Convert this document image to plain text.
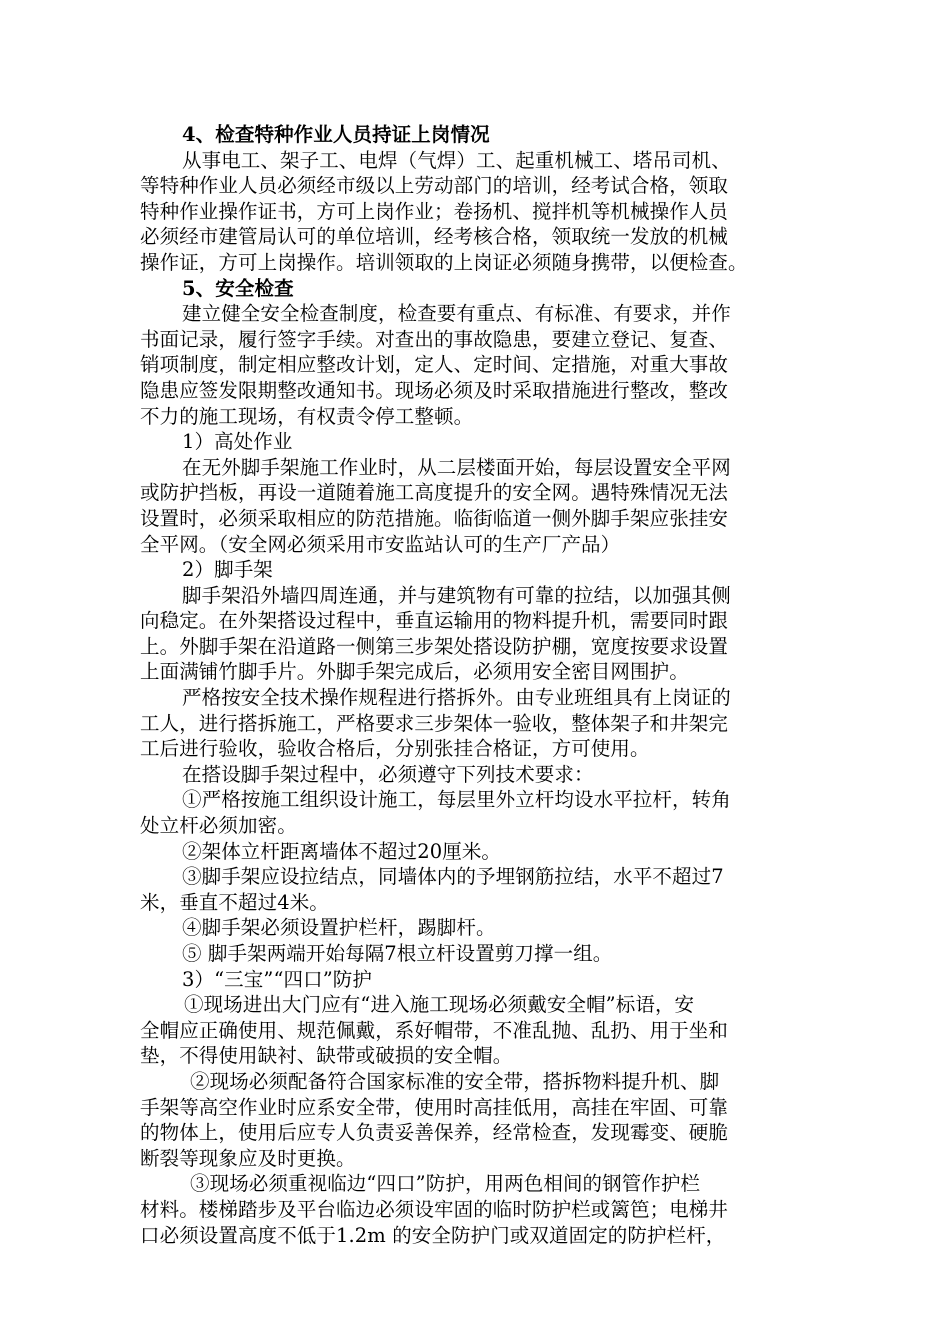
4、检查特种作业人员持证上岗情况
从事电工、架子工、电焊（气焊）工、起重机械工、塔吊司机、
等特种作业人员必须经市级以上劳动部门的培训，经考试合格，领取
特种作业操作证书，方可上岗作业；卷扬机、搅拌机等机械操作人员
必须经市建管局认可的单位培训，经考核合格，领取统一发放的机械
操作证，方可上岗操作。培训领取的上岗证必须随身携带，以便检查。
5、安全检查
建立健全安全检查制度，检查要有重点、有标准、有要求，并作
书面记录，履行签字手续。对查出的事故隐患，要建立登记、复查、
销项制度，制定相应整改计划，定人、定时间、定措施，对重大事故
隐患应签发限期整改通知书。现场必须及时采取措施进行整改，整改
不力的施工现场，有权责令停工整顿。
1）高处作业
在无外脚手架施工作业时，从二层楼面开始，每层设置安全平网
或防护挡板，再设一道随着施工高度提升的安全网。遇特殊情况无法
设置时，必须采取相应的防范措施。临街临道一侧外脚手架应张挂安
全平网。（安全网必须采用市安监站认可的生产厂产品）
2）脚手架
脚手架沿外墙四周连通，并与建筑物有可靠的拉结，以加强其侧
向稳定。在外架搭设过程中，垂直运输用的物料提升机，需要同时跟
上。外脚手架在沿道路一侧第三步架处搭设防护棚，宽度按要求设置
上面满铺竹脚手片。外脚手架完成后，必须用安全密目网围护。
严格按安全技术操作规程进行搭拆外。由专业班组具有上岗证的
工人，进行搭拆施工，严格要求三步架体一验收，整体架子和井架完
工后进行验收，验收合格后，分别张挂合格证，方可使用。
在搭设脚手架过程中，必须遵守下列技术要求：
①严格按施工组织设计施工，每层里外立杆均设水平拉杆，转角
处立杆必须加密。
②架体立杆距离墙体不超过20厘米。
③脚手架应设拉结点，同墙体内的予埋钢筋拉结，水平不超过7
米，垂直不超过4米。
④脚手架必须设置护栏杆，踢脚杆。
⑤ 脚手架两端开始每隔7根立杆设置剪刀撑一组。
3）“三宝”“四口”防护
①现场进出大门应有“进入施工现场必须戴安全帽”标语，安
全帽应正确使用、规范佩戴，系好帽带，不准乱抛、乱扔、用于坐和
垫，不得使用缺衬、缺带或破损的安全帽。
②现场必须配备符合国家标准的安全带，搭拆物料提升机、脚
手架等高空作业时应系安全带，使用时高挂低用，高挂在牢固、可靠
的物体上，使用后应专人负责妥善保养，经常检查，发现霉变、硬脆
断裂等现象应及时更换。
③现场必须重视临边“四口”防护，用两色相间的钢管作护栏
材料。楼梯踏步及平台临边必须设牢固的临时防护栏或篱笆；电梯井
口必须设置高度不低于1.2m 的安全防护门或双道固定的防护栏杆，
